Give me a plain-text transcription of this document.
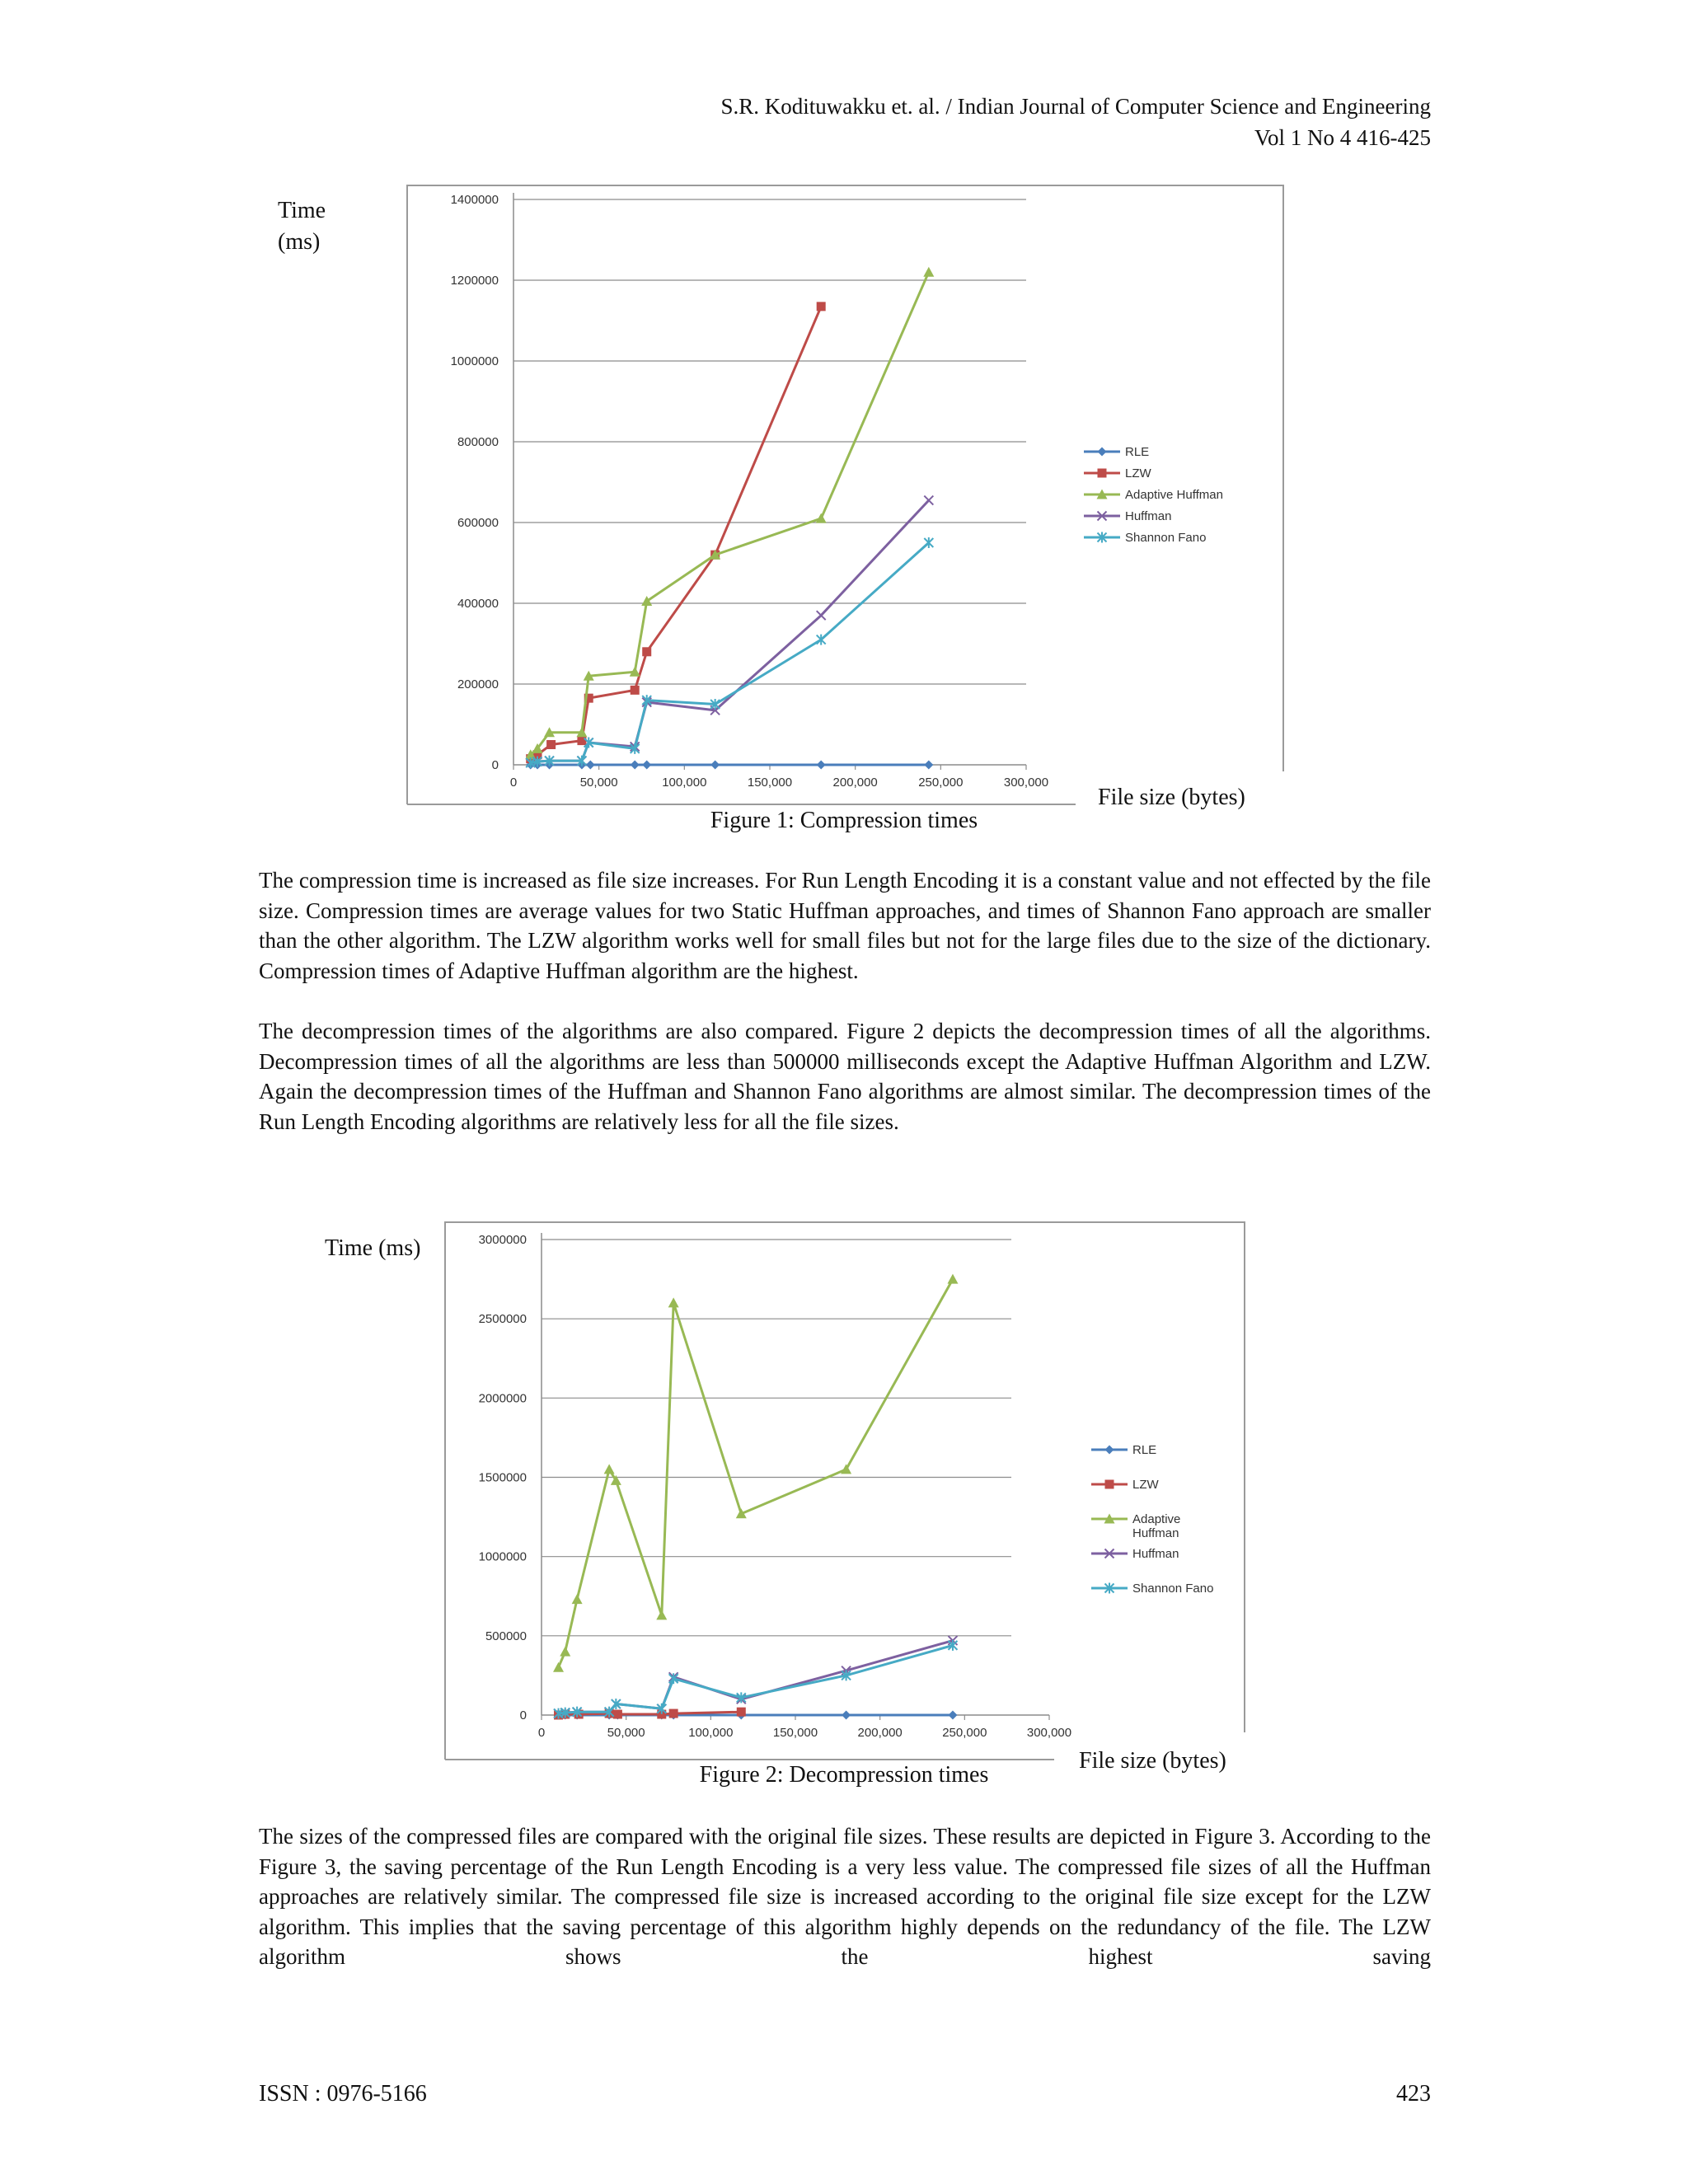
S.R. Kodituwakku et. al. / Indian Journal of Computer Science and Engineering
Vol 1 No 4 416-425
Time
(ms)
0
200000
400000
600000
800000
1000000
1200000
1400000
0	50,000	100,000	150,000	200,000	250,000	300,000
RLE
LZW
Adaptive Huffman
Huffman
Shannon Fano
File size (bytes)
Figure 1: Compression times

The compression time is increased as file size increases. For Run Length Encoding it is a constant value and not effected by the file size. Compression times are average values for two Static Huffman approaches, and times of Shannon Fano approach are smaller than the other algorithm. The LZW algorithm works well for small files but not for the large files due to the size of the dictionary. Compression times of Adaptive Huffman algorithm are the highest.

The decompression times of the algorithms are also compared. Figure 2 depicts the decompression times of all the algorithms. Decompression times of all the algorithms are less than 500000 milliseconds except the Adaptive Huffman Algorithm and LZW. Again the decompression times of the Huffman and Shannon Fano algorithms are almost similar. The decompression times of the Run Length Encoding algorithms are relatively less for all the file sizes.

Time (ms)
0
500000
1000000
1500000
2000000
2500000
3000000
0	50,000	100,000	150,000	200,000	250,000	300,000
RLE
LZW
Adaptive
Huffman
Huffman
Shannon Fano
File size (bytes)
Figure 2: Decompression times

The sizes of the compressed files are compared with the original file sizes. These results are depicted in Figure 3. According to the Figure 3, the saving percentage of the Run Length Encoding is a very less value. The compressed file sizes of all the Huffman approaches are relatively similar. The compressed file size is increased according to the original file size except for the LZW algorithm. This implies that the saving percentage of this algorithm highly depends on the redundancy of the file. The LZW algorithm shows the highest saving

ISSN : 0976-5166	423
